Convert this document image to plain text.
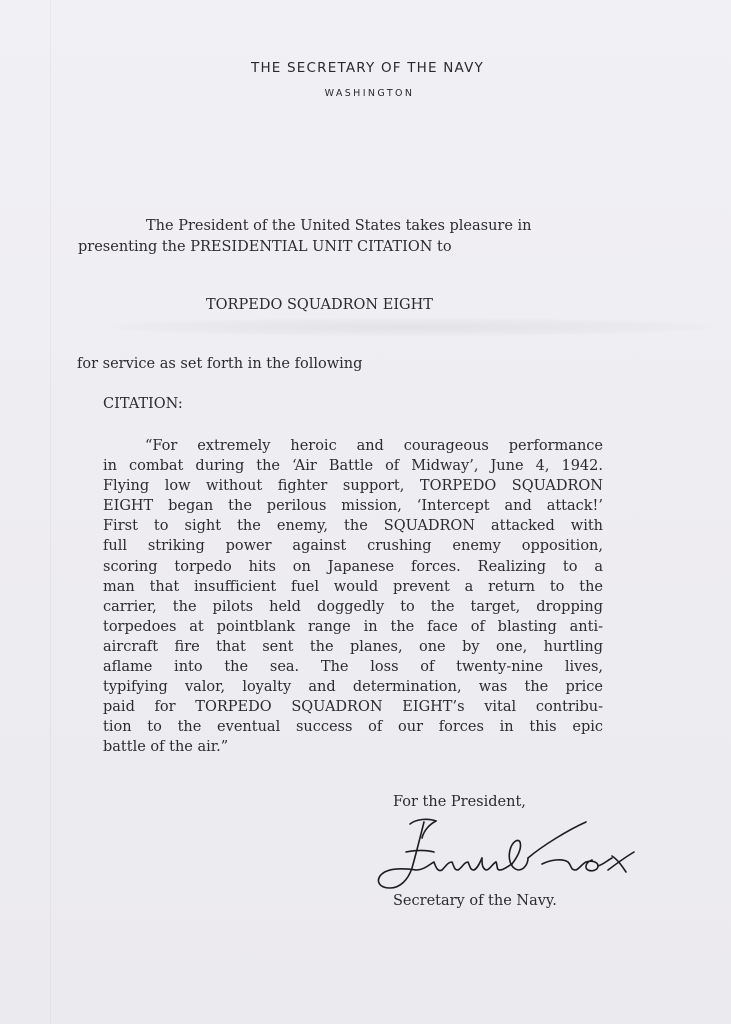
THE SECRETARY OF THE NAVY
WASHINGTON
The President of the United States takes pleasure in
presenting the PRESIDENTIAL UNIT CITATION to
TORPEDO SQUADRON EIGHT
for service as set forth in the following
CITATION:
“For extremely heroic and courageous performance
in combat during the ‘Air Battle of Midway’, June 4, 1942.
Flying low without fighter support, TORPEDO SQUADRON
EIGHT began the perilous mission, ‘Intercept and attack!’
First to sight the enemy, the SQUADRON attacked with
full striking power against crushing enemy opposition,
scoring torpedo hits on Japanese forces. Realizing to a
man that insufficient fuel would prevent a return to the
carrier, the pilots held doggedly to the target, dropping
torpedoes at pointblank range in the face of blasting anti-
aircraft fire that sent the planes, one by one, hurtling
aflame into the sea. The loss of twenty-nine lives,
typifying valor, loyalty and determination, was the price
paid for TORPEDO SQUADRON EIGHT’s vital contribu-
tion to the eventual success of our forces in this epic
battle of the air.”
For the President,
Secretary of the Navy.
